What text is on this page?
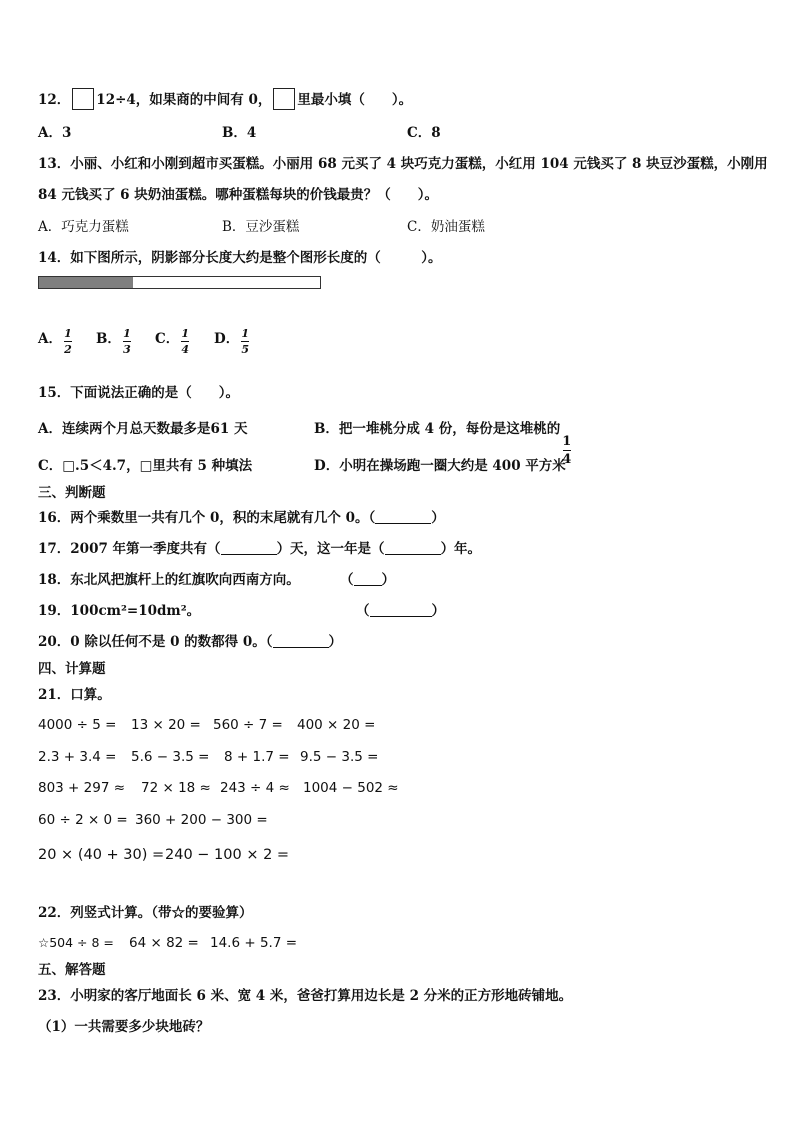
12． 12÷4，如果商的中间有 0， 里最小填（　　）。
A．3	B．4	C．8
13．小丽、小红和小刚到超市买蛋糕。小丽用 68 元买了 4 块巧克力蛋糕，小红用 104 元钱买了 8 块豆沙蛋糕，小刚用
84 元钱买了 6 块奶油蛋糕。哪种蛋糕每块的价钱最贵？（　　）。
A．巧克力蛋糕	B．豆沙蛋糕	C．奶油蛋糕
14．如下图所示，阴影部分长度大约是整个图形长度的（　　　）。
A． $\frac{1}{2}$ B． $\frac{1}{3}$ C． $\frac{1}{4}$ D． $\frac{1}{5}$
15．下面说法正确的是（　　）。
A．连续两个月总天数最多是61 天	B．把一堆桃分成 4 份，每份是这堆桃的
$\frac{1}{4}$
C．□.5＜4.7，□里共有 5 种填法	D．小明在操场跑一圈大约是 400 平方米
三、判断题
16．两个乘数里一共有几个 0，积的末尾就有几个 0。（	）
17．2007 年第一季度共有（	）天，这一年是（	）年。
18．东北风把旗杆上的红旗吹向西南方向。	（ ）
19．100cm²=10dm²。	（	）
20．0 除以任何不是 0 的数都得 0。（	）
四、计算题
21．口算。
4000 ÷ 5 = 13 × 20 = 560 ÷ 7 = 400 × 20 =
2.3 + 3.4 = 5.6 − 3.5 = 8 + 1.7 = 9.5 − 3.5 =
803 + 297 ≈ 72 × 18 ≈ 243 ÷ 4 ≈ 1004 − 502 ≈
60 ÷ 2 × 0 = 360 + 200 − 300 =
20 × (40 + 30) = 240 − 100 × 2 =
22．列竖式计算。（带☆的要验算）
☆504 ÷ 8 = 64 × 82 = 14.6 + 5.7 =
五、解答题
23．小明家的客厅地面长 6 米、宽 4 米，爸爸打算用边长是 2 分米的正方形地砖铺地。
（1）一共需要多少块地砖？
